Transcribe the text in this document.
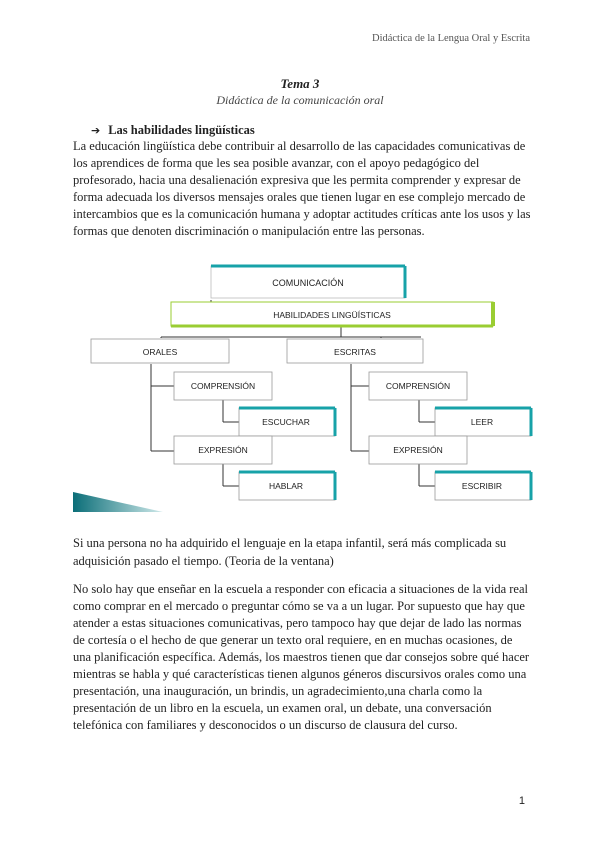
Didáctica de la Lengua Oral y Escrita
Tema 3
Didáctica de la comunicación oral
➔ Las habilidades lingüísticas

La educación lingüística debe contribuir al desarrollo de las capacidades comunicativas de los aprendices de forma que les sea posible avanzar, con el apoyo pedagógico del profesorado, hacia una desalienación expresiva que les permita comprender y expresar de forma adecuada los diversos mensajes orales que tienen lugar en ese complejo mercado de intercambios que es la comunicación humana y adoptar actitudes críticas ante los usos y las formas que denoten discriminación o manipulación entre las personas.

COMUNICACIÓN
HABILIDADES LINGÜÍSTICAS
ORALES	ESCRITAS
COMPRENSIÓN
ESCUCHAR
EXPRESIÓN
HABLAR
COMPRENSIÓN
LEER
EXPRESIÓN
ESCRIBIR

Si una persona no ha adquirido el lenguaje en la etapa infantil, será más complicada su adquisición pasado el tiempo. (Teoria de la ventana)

No solo hay que enseñar en la escuela a responder con eficacia a situaciones de la vida real como comprar en el mercado o preguntar cómo se va a un lugar. Por supuesto que hay que atender a estas situaciones comunicativas, pero tampoco hay que dejar de lado las normas de cortesía o el hecho de que generar un texto oral requiere, en en muchas ocasiones, de una planificación específica. Además, los maestros tienen que dar consejos sobre qué hacer mientras se habla y qué características tienen algunos géneros discursivos orales como una presentación, una inauguración, un brindis, un agradecimiento,una charla como la presentación de un libro en la escuela, un examen oral, un debate, una conversación telefónica con familiares y desconocidos o un discurso de clausura del curso.

1
